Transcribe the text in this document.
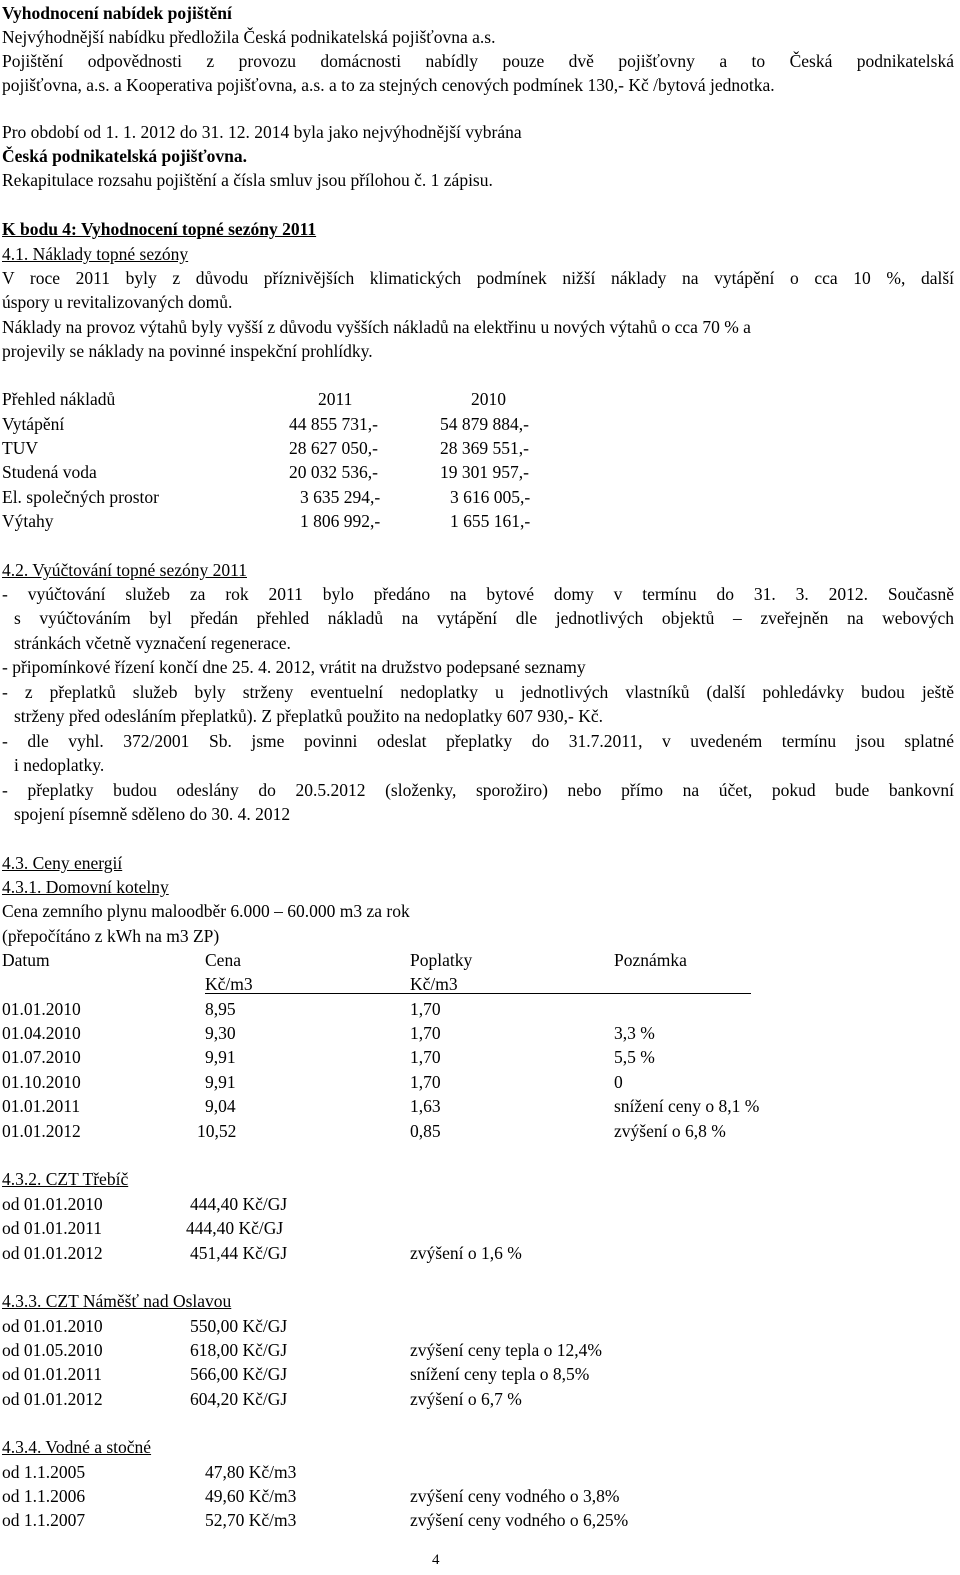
Vyhodnocení nabídek pojištění
Nejvýhodnější nabídku předložila Česká podnikatelská pojišťovna a.s.
Pojištění odpovědnosti z provozu domácnosti nabídly pouze dvě pojišťovny a to Česká podnikatelská
pojišťovna, a.s. a Kooperativa pojišťovna, a.s. a to za stejných cenových podmínek 130,- Kč /bytová jednotka.
Pro období od 1. 1. 2012 do 31. 12. 2014 byla jako nejvýhodnější vybrána
Česká podnikatelská pojišťovna.
Rekapitulace rozsahu pojištění a čísla smluv jsou přílohou č. 1 zápisu.
K bodu 4: Vyhodnocení topné sezóny 2011
4.1. Náklady topné sezóny
V roce 2011 byly z důvodu příznivějších klimatických podmínek nižší náklady na vytápění o cca 10 %, další
úspory u revitalizovaných domů.
Náklady na provoz výtahů byly vyšší z důvodu vyšších nákladů na elektřinu u nových výtahů o cca 70 % a
projevily se náklady na povinné inspekční prohlídky.
Přehled nákladů	2011	2010
Vytápění	44 855 731,-	54 879 884,-
TUV	28 627 050,-	28 369 551,-
Studená voda	20 032 536,-	19 301 957,-
El. společných prostor	3 635 294,-	3 616 005,-
Výtahy	1 806 992,-	1 655 161,-
4.2. Vyúčtování topné sezóny 2011
- vyúčtování služeb za rok 2011 bylo předáno na bytové domy v termínu do 31. 3. 2012. Současně
s vyúčtováním byl předán přehled nákladů na vytápění dle jednotlivých objektů – zveřejněn na webových
stránkách včetně vyznačení regenerace.
- připomínkové řízení končí dne 25. 4. 2012, vrátit na družstvo podepsané seznamy
- z přeplatků služeb byly strženy eventuelní nedoplatky u jednotlivých vlastníků (další pohledávky budou ještě
strženy před odesláním přeplatků). Z přeplatků použito na nedoplatky 607 930,- Kč.
- dle vyhl. 372/2001 Sb. jsme povinni odeslat přeplatky do 31.7.2011, v uvedeném termínu jsou splatné
i nedoplatky.
- přeplatky budou odeslány do 20.5.2012 (složenky, sporožiro) nebo přímo na účet, pokud bude bankovní
spojení písemně sděleno do 30. 4. 2012
4.3. Ceny energií
4.3.1. Domovní kotelny
Cena zemního plynu maloodběr 6.000 – 60.000 m3 za rok
(přepočítáno z kWh na m3 ZP)
Datum	Cena	Poplatky	Poznámka
Kč/m3	Kč/m3
01.01.2010	8,95	1,70
01.04.2010	9,30	1,70	3,3 %
01.07.2010	9,91	1,70	5,5 %
01.10.2010	9,91	1,70	0
01.01.2011	9,04	1,63	snížení ceny o 8,1 %
01.01.2012	10,52	0,85	zvýšení o 6,8 %
4.3.2. CZT Třebíč
od 01.01.2010	444,40 Kč/GJ
od 01.01.2011	444,40 Kč/GJ
od 01.01.2012	451,44 Kč/GJ	zvýšení o 1,6 %
4.3.3. CZT Náměšť nad Oslavou
od 01.01.2010	550,00 Kč/GJ
od 01.05.2010	618,00 Kč/GJ	zvýšení ceny tepla o 12,4%
od 01.01.2011	566,00 Kč/GJ	snížení ceny tepla o 8,5%
od 01.01.2012	604,20 Kč/GJ	zvýšení o 6,7 %
4.3.4. Vodné a stočné
od 1.1.2005	47,80 Kč/m3
od 1.1.2006	49,60 Kč/m3	zvýšení ceny vodného o 3,8%
od 1.1.2007	52,70 Kč/m3	zvýšení ceny vodného o 6,25%
4
